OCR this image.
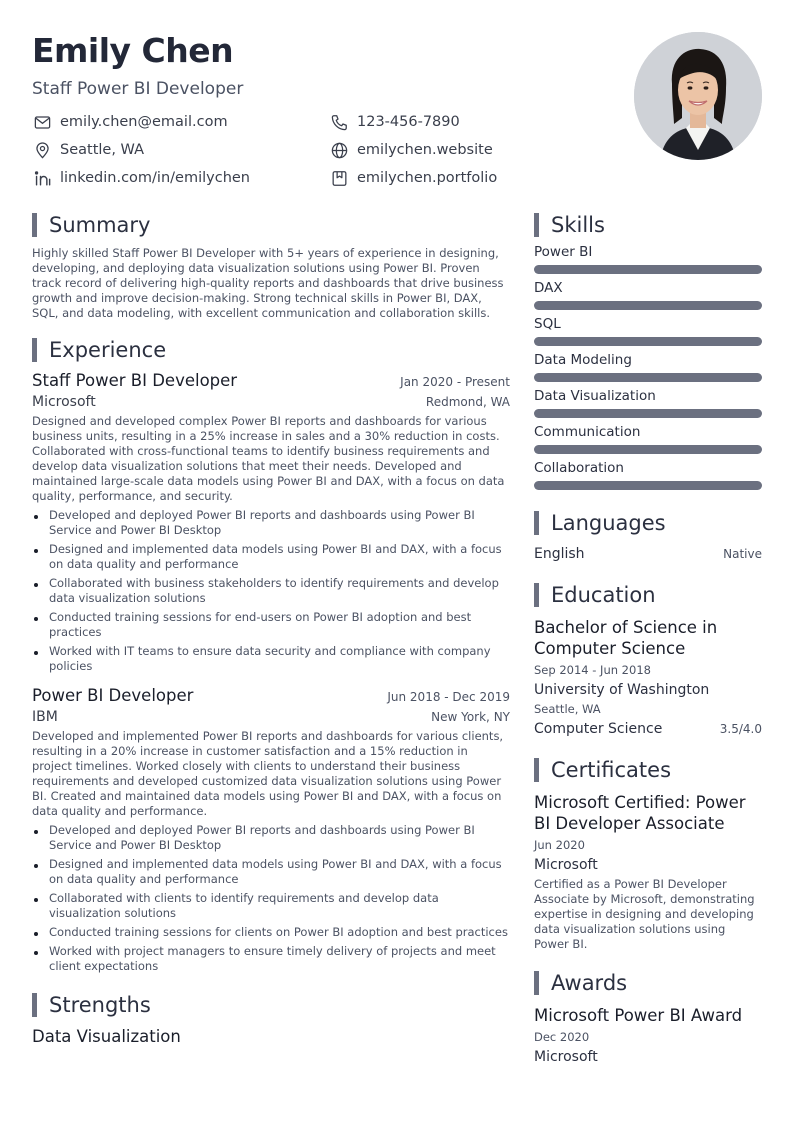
Emily Chen
Staff Power BI Developer
emily.chen@email.com	123-456-7890
Seattle, WA	emilychen.website
linkedin.com/in/emilychen	emilychen.portfolio
Summary
Highly skilled Staff Power BI Developer with 5+ years of experience in designing, developing, and deploying data visualization solutions using Power BI. Proven track record of delivering high-quality reports and dashboards that drive business growth and improve decision-making. Strong technical skills in Power BI, DAX, SQL, and data modeling, with excellent communication and collaboration skills.
Experience
Staff Power BI Developer	Jan 2020 - Present
Microsoft	Redmond, WA
Designed and developed complex Power BI reports and dashboards for various business units, resulting in a 25% increase in sales and a 30% reduction in costs. Collaborated with cross-functional teams to identify business requirements and develop data visualization solutions that meet their needs. Developed and maintained large-scale data models using Power BI and DAX, with a focus on data quality, performance, and security.
Developed and deployed Power BI reports and dashboards using Power BI Service and Power BI Desktop
Designed and implemented data models using Power BI and DAX, with a focus on data quality and performance
Collaborated with business stakeholders to identify requirements and develop data visualization solutions
Conducted training sessions for end-users on Power BI adoption and best practices
Worked with IT teams to ensure data security and compliance with company policies
Power BI Developer	Jun 2018 - Dec 2019
IBM	New York, NY
Developed and implemented Power BI reports and dashboards for various clients, resulting in a 20% increase in customer satisfaction and a 15% reduction in project timelines. Worked closely with clients to understand their business requirements and developed customized data visualization solutions using Power BI. Created and maintained data models using Power BI and DAX, with a focus on data quality and performance.
Developed and deployed Power BI reports and dashboards using Power BI Service and Power BI Desktop
Designed and implemented data models using Power BI and DAX, with a focus on data quality and performance
Collaborated with clients to identify requirements and develop data visualization solutions
Conducted training sessions for clients on Power BI adoption and best practices
Worked with project managers to ensure timely delivery of projects and meet client expectations
Strengths
Data Visualization
Skills
Power BI
DAX
SQL
Data Modeling
Data Visualization
Communication
Collaboration
Languages
English	Native
Education
Bachelor of Science in Computer Science
Sep 2014 - Jun 2018
University of Washington
Seattle, WA
Computer Science	3.5/4.0
Certificates
Microsoft Certified: Power BI Developer Associate
Jun 2020
Microsoft
Certified as a Power BI Developer Associate by Microsoft, demonstrating expertise in designing and developing data visualization solutions using Power BI.
Awards
Microsoft Power BI Award
Dec 2020
Microsoft
